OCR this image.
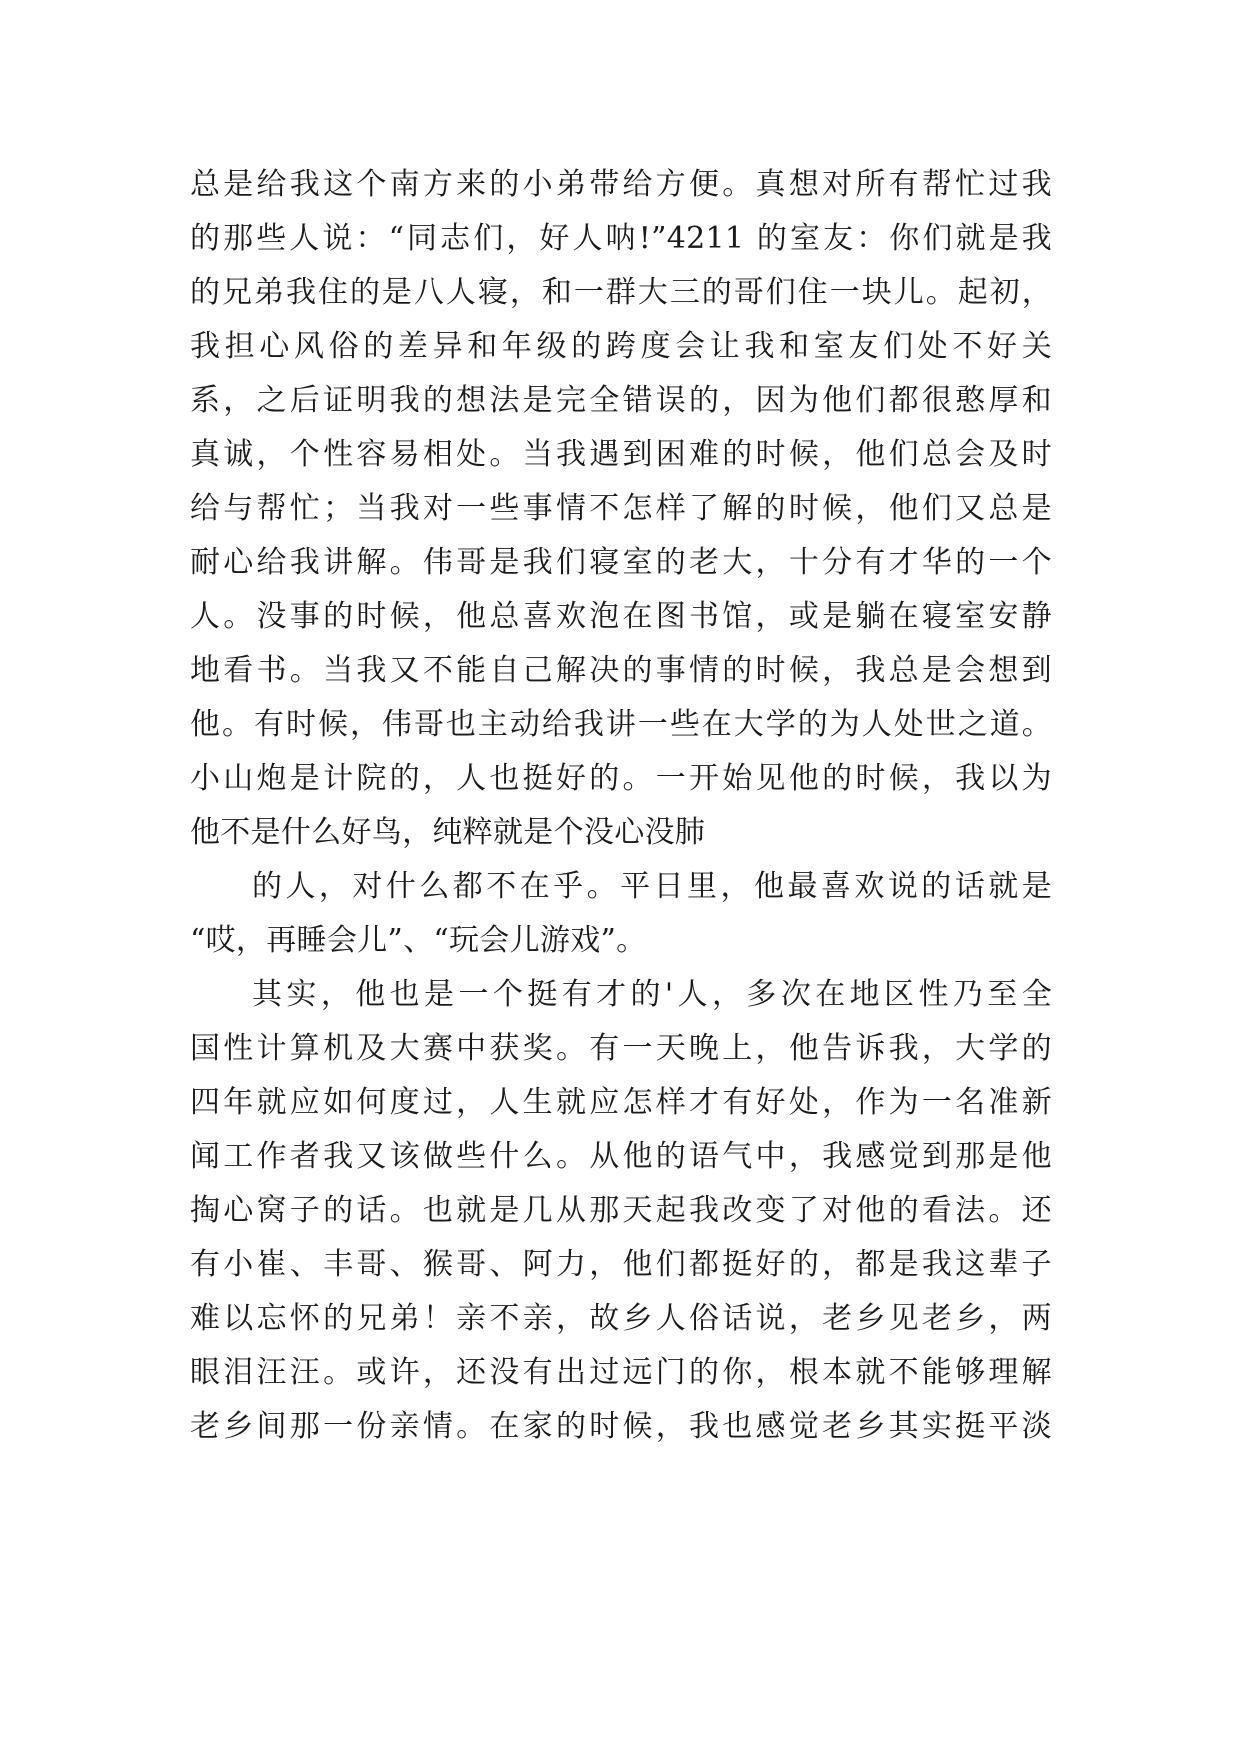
总是给我这个南方来的小弟带给方便。真想对所有帮忙过我
的那些人说：“同志们，好人呐!”4211 的室友：你们就是我
的兄弟我住的是八人寝，和一群大三的哥们住一块儿。起初，
我担心风俗的差异和年级的跨度会让我和室友们处不好关
系，之后证明我的想法是完全错误的，因为他们都很憨厚和
真诚，个性容易相处。当我遇到困难的时候，他们总会及时
给与帮忙；当我对一些事情不怎样了解的时候，他们又总是
耐心给我讲解。伟哥是我们寝室的老大，十分有才华的一个
人。没事的时候，他总喜欢泡在图书馆，或是躺在寝室安静
地看书。当我又不能自己解决的事情的时候，我总是会想到
他。有时候，伟哥也主动给我讲一些在大学的为人处世之道。
小山炮是计院的，人也挺好的。一开始见他的时候，我以为
他不是什么好鸟，纯粹就是个没心没肺
的人，对什么都不在乎。平日里，他最喜欢说的话就是
“哎，再睡会儿”、“玩会儿游戏”。
其实，他也是一个挺有才的'人，多次在地区性乃至全
国性计算机及大赛中获奖。有一天晚上，他告诉我，大学的
四年就应如何度过，人生就应怎样才有好处，作为一名准新
闻工作者我又该做些什么。从他的语气中，我感觉到那是他
掏心窝子的话。也就是几从那天起我改变了对他的看法。还
有小崔、丰哥、猴哥、阿力，他们都挺好的，都是我这辈子
难以忘怀的兄弟！亲不亲，故乡人俗话说，老乡见老乡，两
眼泪汪汪。或许，还没有出过远门的你，根本就不能够理解
老乡间那一份亲情。在家的时候，我也感觉老乡其实挺平淡
